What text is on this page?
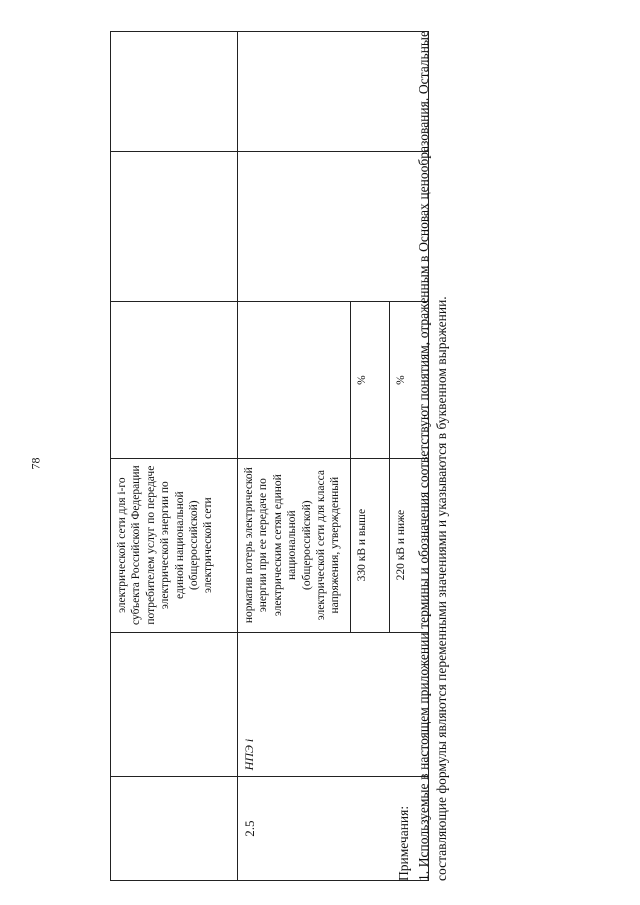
78
		электрической сети для i-го субъекта Российской Федерации потребителем услуг по передаче электрической энергии по единой национальной (общероссийской) электрической сети			
2.5	НПЭ i	норматив потерь электрической энергии при ее передаче по электрическим сетям единой национальной (общероссийской) электрической сети для класса напряжения, утвержденный			
		330 кВ и выше	%		
		220 кВ и ниже	%		
Примечания: 1. Используемые в настоящем приложении термины и обозначения соответствуют понятиям, отраженным в Основах ценообразования. Остальные составляющие формулы являются переменными значениями и указываются в буквенном выражении.
